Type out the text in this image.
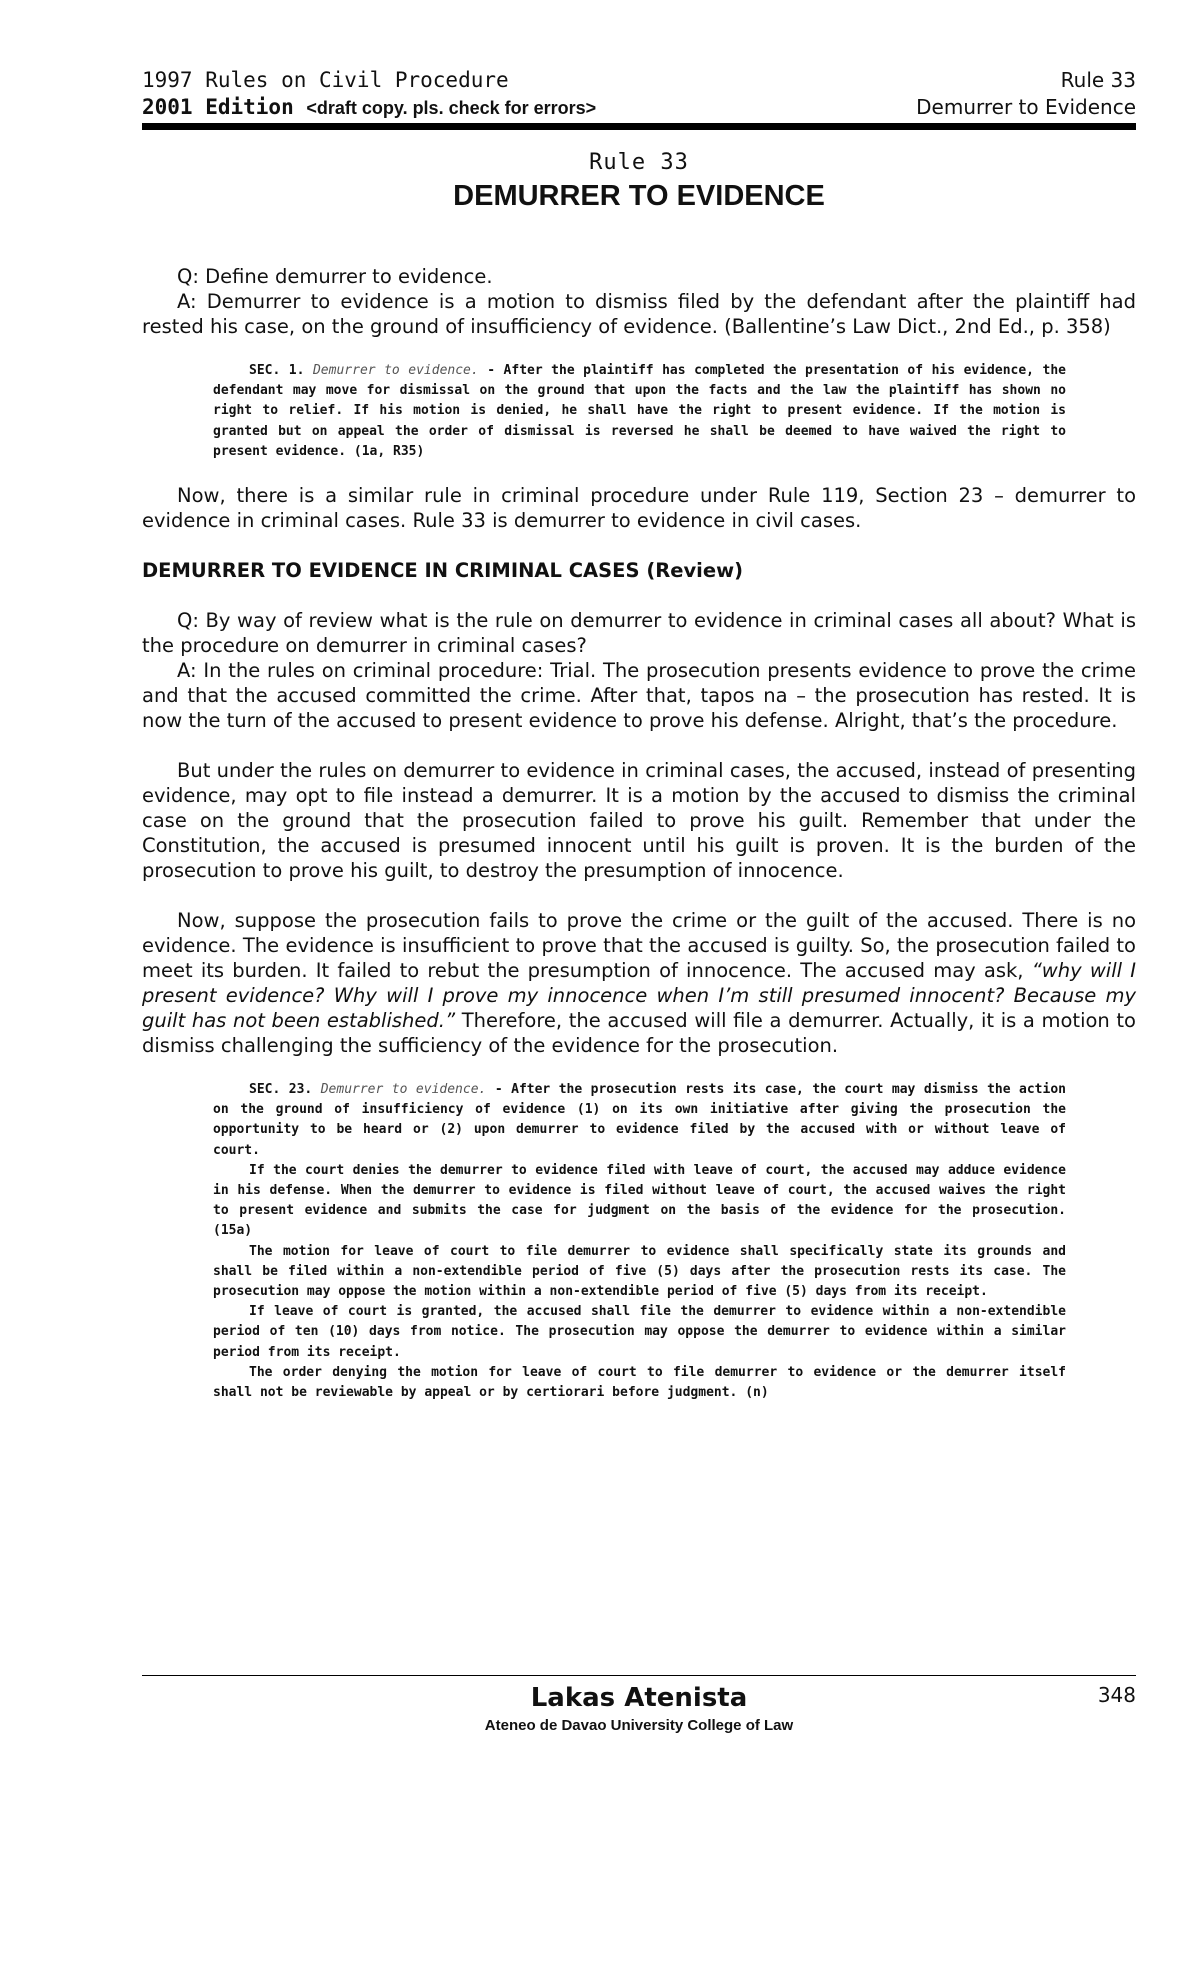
1997 Rules on Civil Procedure
2001 Edition <draft copy. pls. check for errors>
Rule 33
Demurrer to Evidence
Rule 33
DEMURRER TO EVIDENCE

Q: Define demurrer to evidence.

A: Demurrer to evidence is a motion to dismiss filed by the defendant after the plaintiff had rested his case, on the ground of insufficiency of evidence. (Ballentine’s Law Dict., 2nd Ed., p. 358)

SEC. 1. Demurrer to evidence. - After the plaintiff has completed the presentation of his evidence, the defendant may move for dismissal on the ground that upon the facts and the law the plaintiff has shown no right to relief. If his motion is denied, he shall have the right to present evidence. If the motion is granted but on appeal the order of dismissal is reversed he shall be deemed to have waived the right to present evidence. (1a, R35)

Now, there is a similar rule in criminal procedure under Rule 119, Section 23 – demurrer to evidence in criminal cases. Rule 33 is demurrer to evidence in civil cases.

DEMURRER TO EVIDENCE IN CRIMINAL CASES (Review)

Q: By way of review what is the rule on demurrer to evidence in criminal cases all about? What is the procedure on demurrer in criminal cases?

A: In the rules on criminal procedure: Trial. The prosecution presents evidence to prove the crime and that the accused committed the crime. After that, tapos na – the prosecution has rested. It is now the turn of the accused to present evidence to prove his defense. Alright, that’s the procedure.

But under the rules on demurrer to evidence in criminal cases, the accused, instead of presenting evidence, may opt to file instead a demurrer. It is a motion by the accused to dismiss the criminal case on the ground that the prosecution failed to prove his guilt. Remember that under the Constitution, the accused is presumed innocent until his guilt is proven. It is the burden of the prosecution to prove his guilt, to destroy the presumption of innocence.

Now, suppose the prosecution fails to prove the crime or the guilt of the accused. There is no evidence. The evidence is insufficient to prove that the accused is guilty. So, the prosecution failed to meet its burden. It failed to rebut the presumption of innocence. The accused may ask, “why will I present evidence? Why will I prove my innocence when I’m still presumed innocent? Because my guilt has not been established.” Therefore, the accused will file a demurrer. Actually, it is a motion to dismiss challenging the sufficiency of the evidence for the prosecution.

SEC. 23. Demurrer to evidence. - After the prosecution rests its case, the court may dismiss the action on the ground of insufficiency of evidence (1) on its own initiative after giving the prosecution the opportunity to be heard or (2) upon demurrer to evidence filed by the accused with or without leave of court.

If the court denies the demurrer to evidence filed with leave of court, the accused may adduce evidence in his defense. When the demurrer to evidence is filed without leave of court, the accused waives the right to present evidence and submits the case for judgment on the basis of the evidence for the prosecution. (15a)

The motion for leave of court to file demurrer to evidence shall specifically state its grounds and shall be filed within a non-extendible period of five (5) days after the prosecution rests its case. The prosecution may oppose the motion within a non-extendible period of five (5) days from its receipt.

If leave of court is granted, the accused shall file the demurrer to evidence within a non-extendible period of ten (10) days from notice. The prosecution may oppose the demurrer to evidence within a similar period from its receipt.

The order denying the motion for leave of court to file demurrer to evidence or the demurrer itself shall not be reviewable by appeal or by certiorari before judgment. (n)

Lakas Atenista
Ateneo de Davao University College of Law
348
